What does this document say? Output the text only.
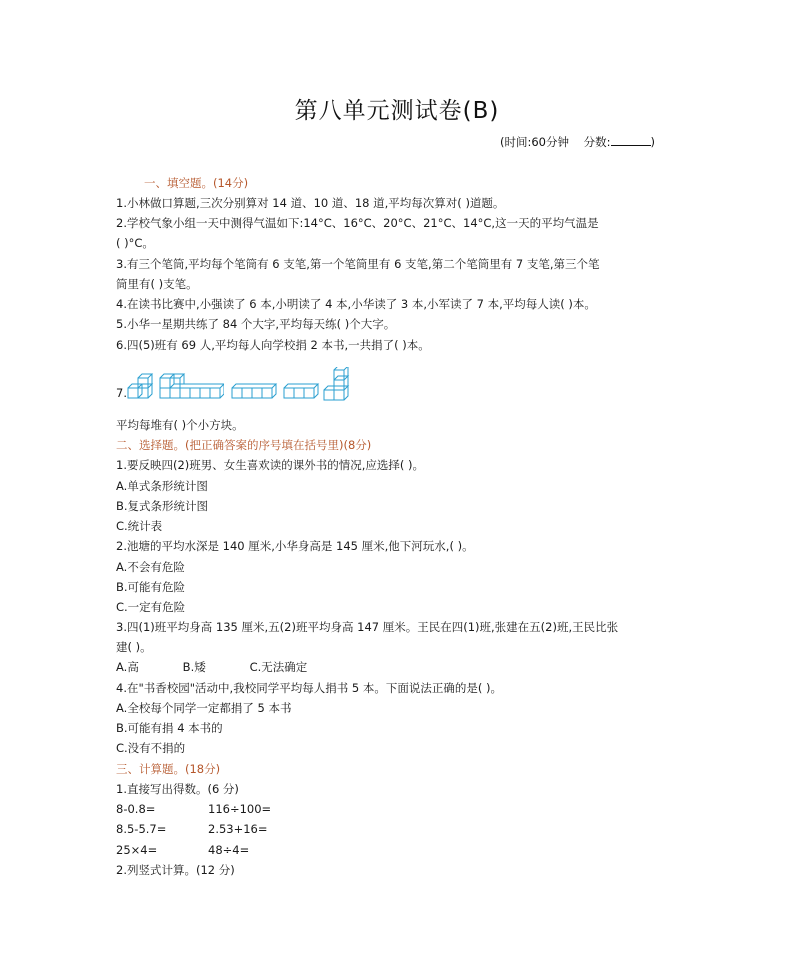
第八单元测试卷(B)
(时间:60分钟 分数:	)
一、填空题。(14分)
1.小林做口算题,三次分别算对 14 道、10 道、18 道,平均每次算对( )道题。
2.学校气象小组一天中测得气温如下:14°C、16°C、20°C、21°C、14°C,这一天的平均气温是
( )°C。
3.有三个笔筒,平均每个笔筒有 6 支笔,第一个笔筒里有 6 支笔,第二个笔筒里有 7 支笔,第三个笔
筒里有( )支笔。
4.在读书比赛中,小强读了 6 本,小明读了 4 本,小华读了 3 本,小军读了 7 本,平均每人读( )本。
5.小华一星期共练了 84 个大字,平均每天练( )个大字。
6.四(5)班有 69 人,平均每人向学校捐 2 本书,一共捐了( )本。
7.
平均每堆有( )个小方块。
二、选择题。(把正确答案的序号填在括号里)(8分)
1.要反映四(2)班男、女生喜欢读的课外书的情况,应选择( )。
A.单式条形统计图
B.复式条形统计图
C.统计表
2.池塘的平均水深是 140 厘米,小华身高是 145 厘米,他下河玩水,( )。
A.不会有危险
B.可能有危险
C.一定有危险
3.四(1)班平均身高 135 厘米,五(2)班平均身高 147 厘米。王民在四(1)班,张建在五(2)班,王民比张
建( )。
A.高            B.矮            C.无法确定
4.在"书香校园"活动中,我校同学平均每人捐书 5 本。下面说法正确的是( )。
A.全校每个同学一定都捐了 5 本书
B.可能有捐 4 本书的
C.没有不捐的
三、计算题。(18分)
1.直接写出得数。(6 分)
8-0.8=	116÷100=
8.5-5.7=	2.53+16=
25×4=	48÷4=
2.列竖式计算。(12 分)
